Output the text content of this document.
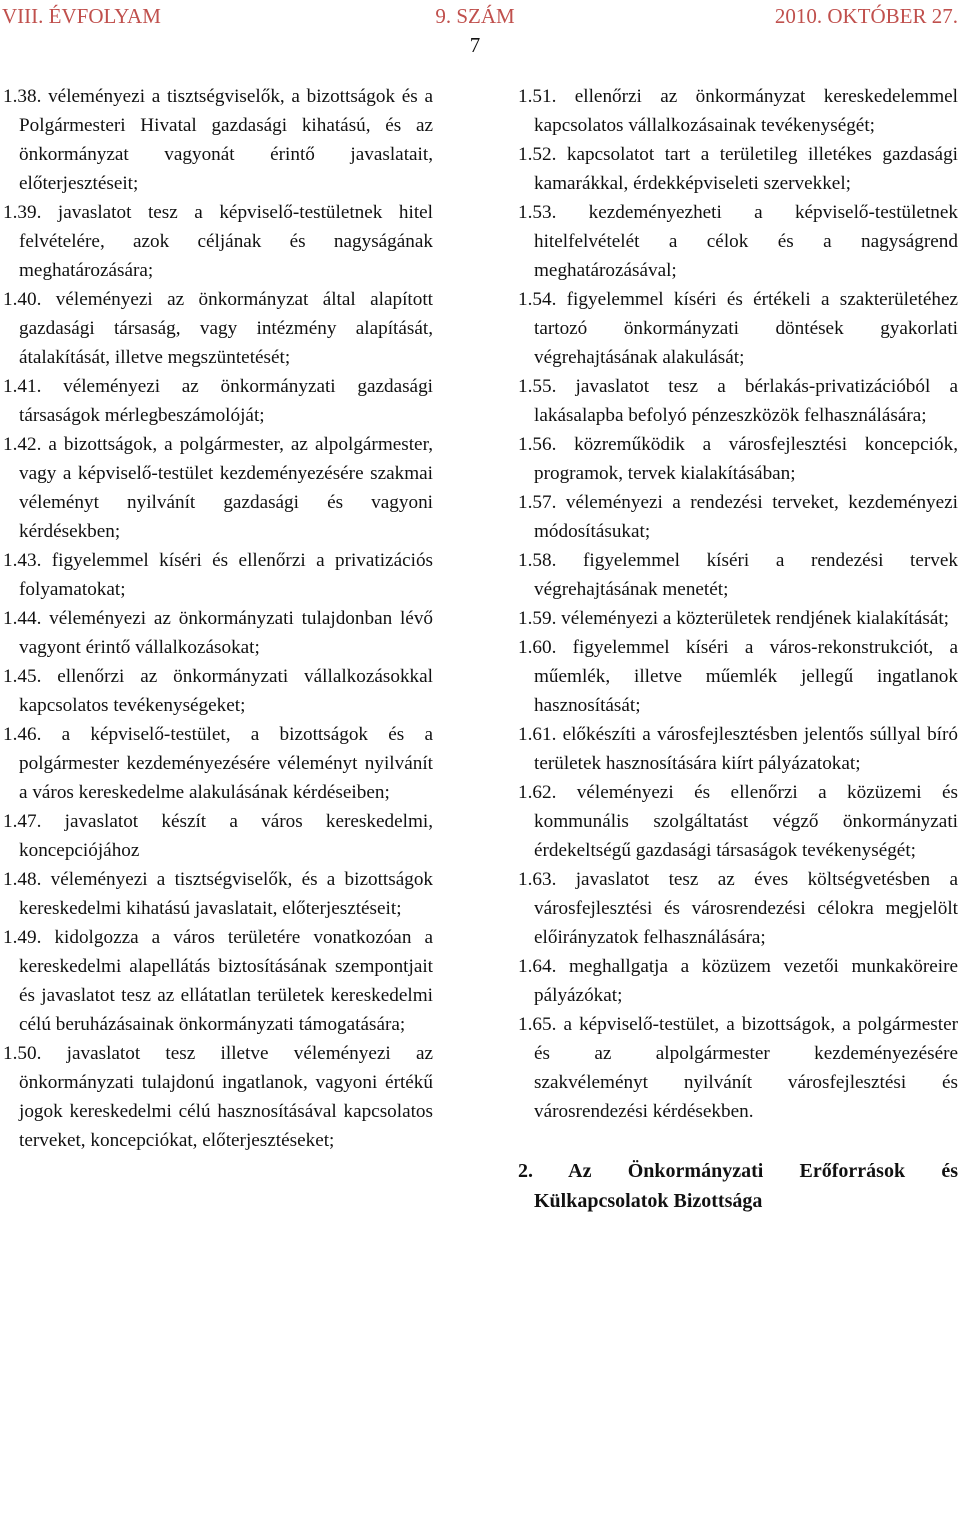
VIII. ÉVFOLYAM	9. SZÁM	2010. OKTÓBER 27.
7
1.38. véleményezi a tisztségviselők, a bizottságok és a Polgármesteri Hivatal gazdasági kihatású, és az önkormányzat vagyonát érintő javaslatait, előterjesztéseit;
1.39. javaslatot tesz a képviselő-testületnek hitel felvételére, azok céljának és nagyságának meghatározására;
1.40. véleményezi az önkormányzat által alapított gazdasági társaság, vagy intézmény alapítását, átalakítását, illetve megszüntetését;
1.41. véleményezi az önkormányzati gazdasági társaságok mérlegbeszámolóját;
1.42. a bizottságok, a polgármester, az alpolgármester, vagy a képviselő-testület kezdeményezésére szakmai véleményt nyilvánít gazdasági és vagyoni kérdésekben;
1.43. figyelemmel kíséri és ellenőrzi a privatizációs folyamatokat;
1.44. véleményezi az önkormányzati tulajdonban lévő vagyont érintő vállalkozásokat;
1.45. ellenőrzi az önkormányzati vállalkozásokkal kapcsolatos tevékenységeket;
1.46. a képviselő-testület, a bizottságok és a polgármester kezdeményezésére véleményt nyilvánít a város kereskedelme alakulásának kérdéseiben;
1.47. javaslatot készít a város kereskedelmi, koncepciójához
1.48. véleményezi a tisztségviselők, és a bizottságok kereskedelmi kihatású javaslatait, előterjesztéseit;
1.49. kidolgozza a város területére vonatkozóan a kereskedelmi alapellátás biztosításának szempontjait és javaslatot tesz az ellátatlan területek kereskedelmi célú beruházásainak önkormányzati támogatására;
1.50. javaslatot tesz illetve véleményezi az önkormányzati tulajdonú ingatlanok, vagyoni értékű jogok kereskedelmi célú hasznosításával kapcsolatos terveket, koncepciókat, előterjesztéseket;
1.51. ellenőrzi az önkormányzat kereskedelemmel kapcsolatos vállalkozásainak tevékenységét;
1.52. kapcsolatot tart a területileg illetékes gazdasági kamarákkal, érdekképviseleti szervekkel;
1.53. kezdeményezheti a képviselő-testületnek hitelfelvételét a célok és a nagyságrend meghatározásával;
1.54. figyelemmel kíséri és értékeli a szakterületéhez tartozó önkormányzati döntések gyakorlati végrehajtásának alakulását;
1.55. javaslatot tesz a bérlakás-privatizációból a lakásalapba befolyó pénzeszközök felhasználására;
1.56. közreműködik a városfejlesztési koncepciók, programok, tervek kialakításában;
1.57. véleményezi a rendezési terveket, kezdeményezi módosításukat;
1.58. figyelemmel kíséri a rendezési tervek végrehajtásának menetét;
1.59. véleményezi a közterületek rendjének kialakítását;
1.60. figyelemmel kíséri a város-rekonstrukciót, a műemlék, illetve műemlék jellegű ingatlanok hasznosítását;
1.61. előkészíti a városfejlesztésben jelentős súllyal bíró területek hasznosítására kiírt pályázatokat;
1.62. véleményezi és ellenőrzi a közüzemi és kommunális szolgáltatást végző önkormányzati érdekeltségű gazdasági társaságok tevékenységét;
1.63. javaslatot tesz az éves költségvetésben a városfejlesztési és városrendezési célokra megjelölt előirányzatok felhasználására;
1.64. meghallgatja a közüzem vezetői munkaköreire pályázókat;
1.65. a képviselő-testület, a bizottságok, a polgármester és az alpolgármester kezdeményezésére szakvéleményt nyilvánít városfejlesztési és városrendezési kérdésekben.
2. Az Önkormányzati Erőforrások és Külkapcsolatok Bizottsága
